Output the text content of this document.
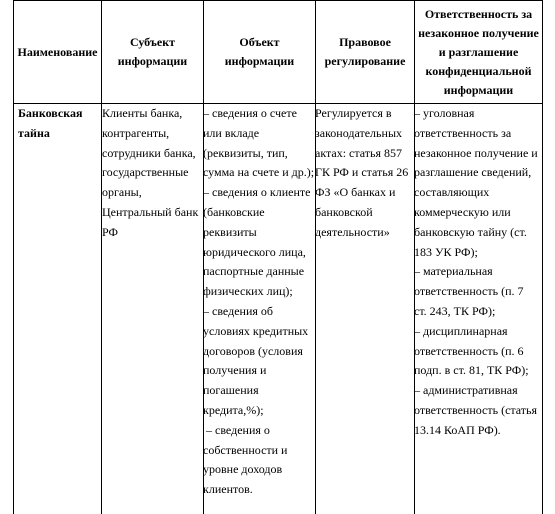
Наименование
Субъект
информации
Объект
информации
Правовое
регулирование
Ответственность за
незаконное получение
и разглашение
конфиденциальной
информации
Банковская
тайна
Клиенты банка,
контрагенты,
сотрудники банка,
государственные
органы,
Центральный банк
РФ
– сведения о счете
или вкладе
(реквизиты, тип,
сумма на счете и др.);
– сведения о клиенте
(банковские
реквизиты
юридического лица,
паспортные данные
физических лиц);
– сведения об
условиях кредитных
договоров (условия
получения и
погашения
кредита,%);
– сведения о
собственности и
уровне доходов
клиентов.
Регулируется в
законодательных
актах: статья 857
ГК РФ и статья 26
ФЗ «О банках и
банковской
деятельности»
– уголовная
ответственность за
незаконное получение и
разглашение сведений,
составляющих
коммерческую или
банковскую тайну (ст.
183 УК РФ);
– материальная
ответственность (п. 7
ст. 243, ТК РФ);
– дисциплинарная
ответственность (п. 6
подп. в ст. 81, ТК РФ);
– административная
ответственность (статья
13.14 КоАП РФ).
